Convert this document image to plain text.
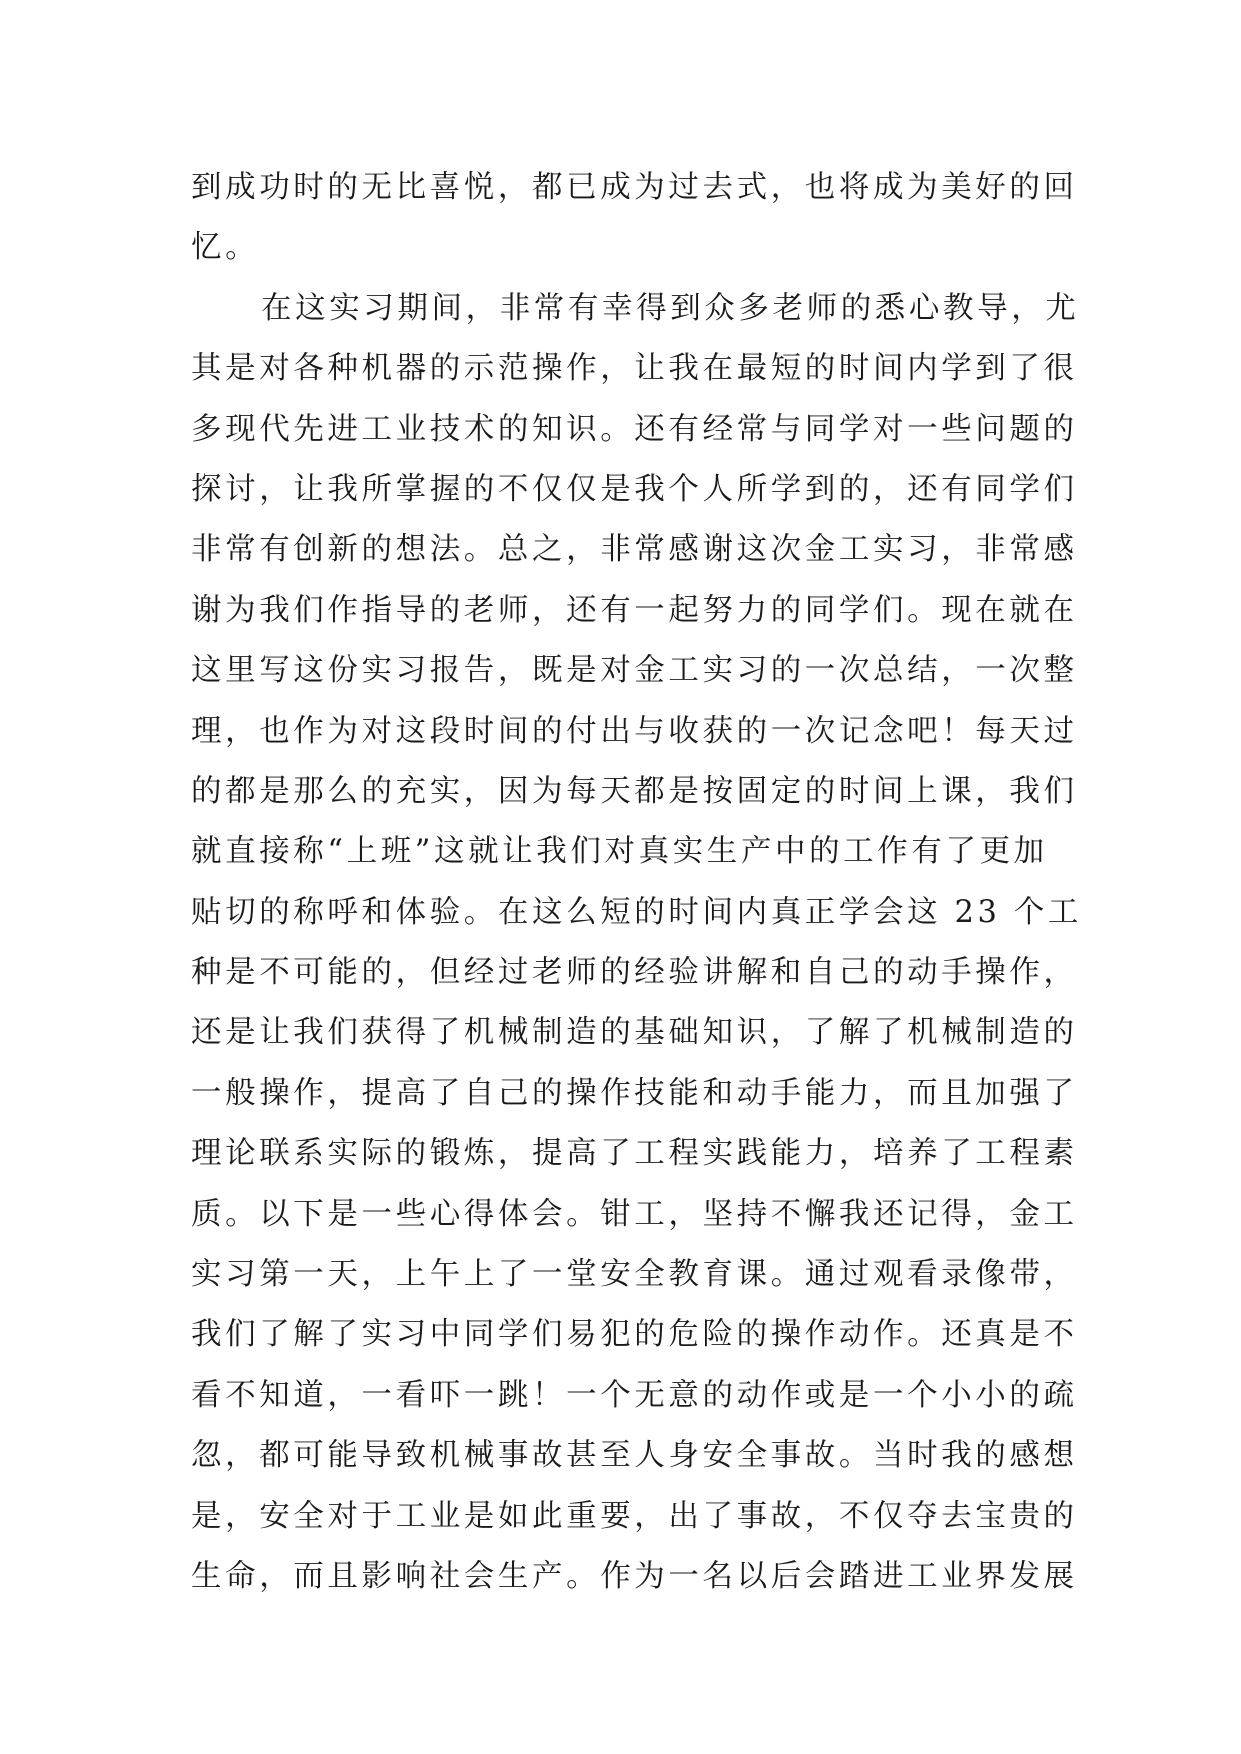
到成功时的无比喜悦，都已成为过去式，也将成为美好的回
忆。
在这实习期间，非常有幸得到众多老师的悉心教导，尤
其是对各种机器的示范操作，让我在最短的时间内学到了很
多现代先进工业技术的知识。还有经常与同学对一些问题的
探讨，让我所掌握的不仅仅是我个人所学到的，还有同学们
非常有创新的想法。总之，非常感谢这次金工实习，非常感
谢为我们作指导的老师，还有一起努力的同学们。现在就在
这里写这份实习报告，既是对金工实习的一次总结，一次整
理，也作为对这段时间的付出与收获的一次记念吧！每天过
的都是那么的充实，因为每天都是按固定的时间上课，我们
就直接称“上班”这就让我们对真实生产中的工作有了更加
贴切的称呼和体验。在这么短的时间内真正学会这 23 个工
种是不可能的，但经过老师的经验讲解和自己的动手操作，
还是让我们获得了机械制造的基础知识，了解了机械制造的
一般操作，提高了自己的操作技能和动手能力，而且加强了
理论联系实际的锻炼，提高了工程实践能力，培养了工程素
质。以下是一些心得体会。钳工，坚持不懈我还记得，金工
实习第一天，上午上了一堂安全教育课。通过观看录像带，
我们了解了实习中同学们易犯的危险的操作动作。还真是不
看不知道，一看吓一跳！一个无意的动作或是一个小小的疏
忽，都可能导致机械事故甚至人身安全事故。当时我的感想
是，安全对于工业是如此重要，出了事故，不仅夺去宝贵的
生命，而且影响社会生产。作为一名以后会踏进工业界发展
